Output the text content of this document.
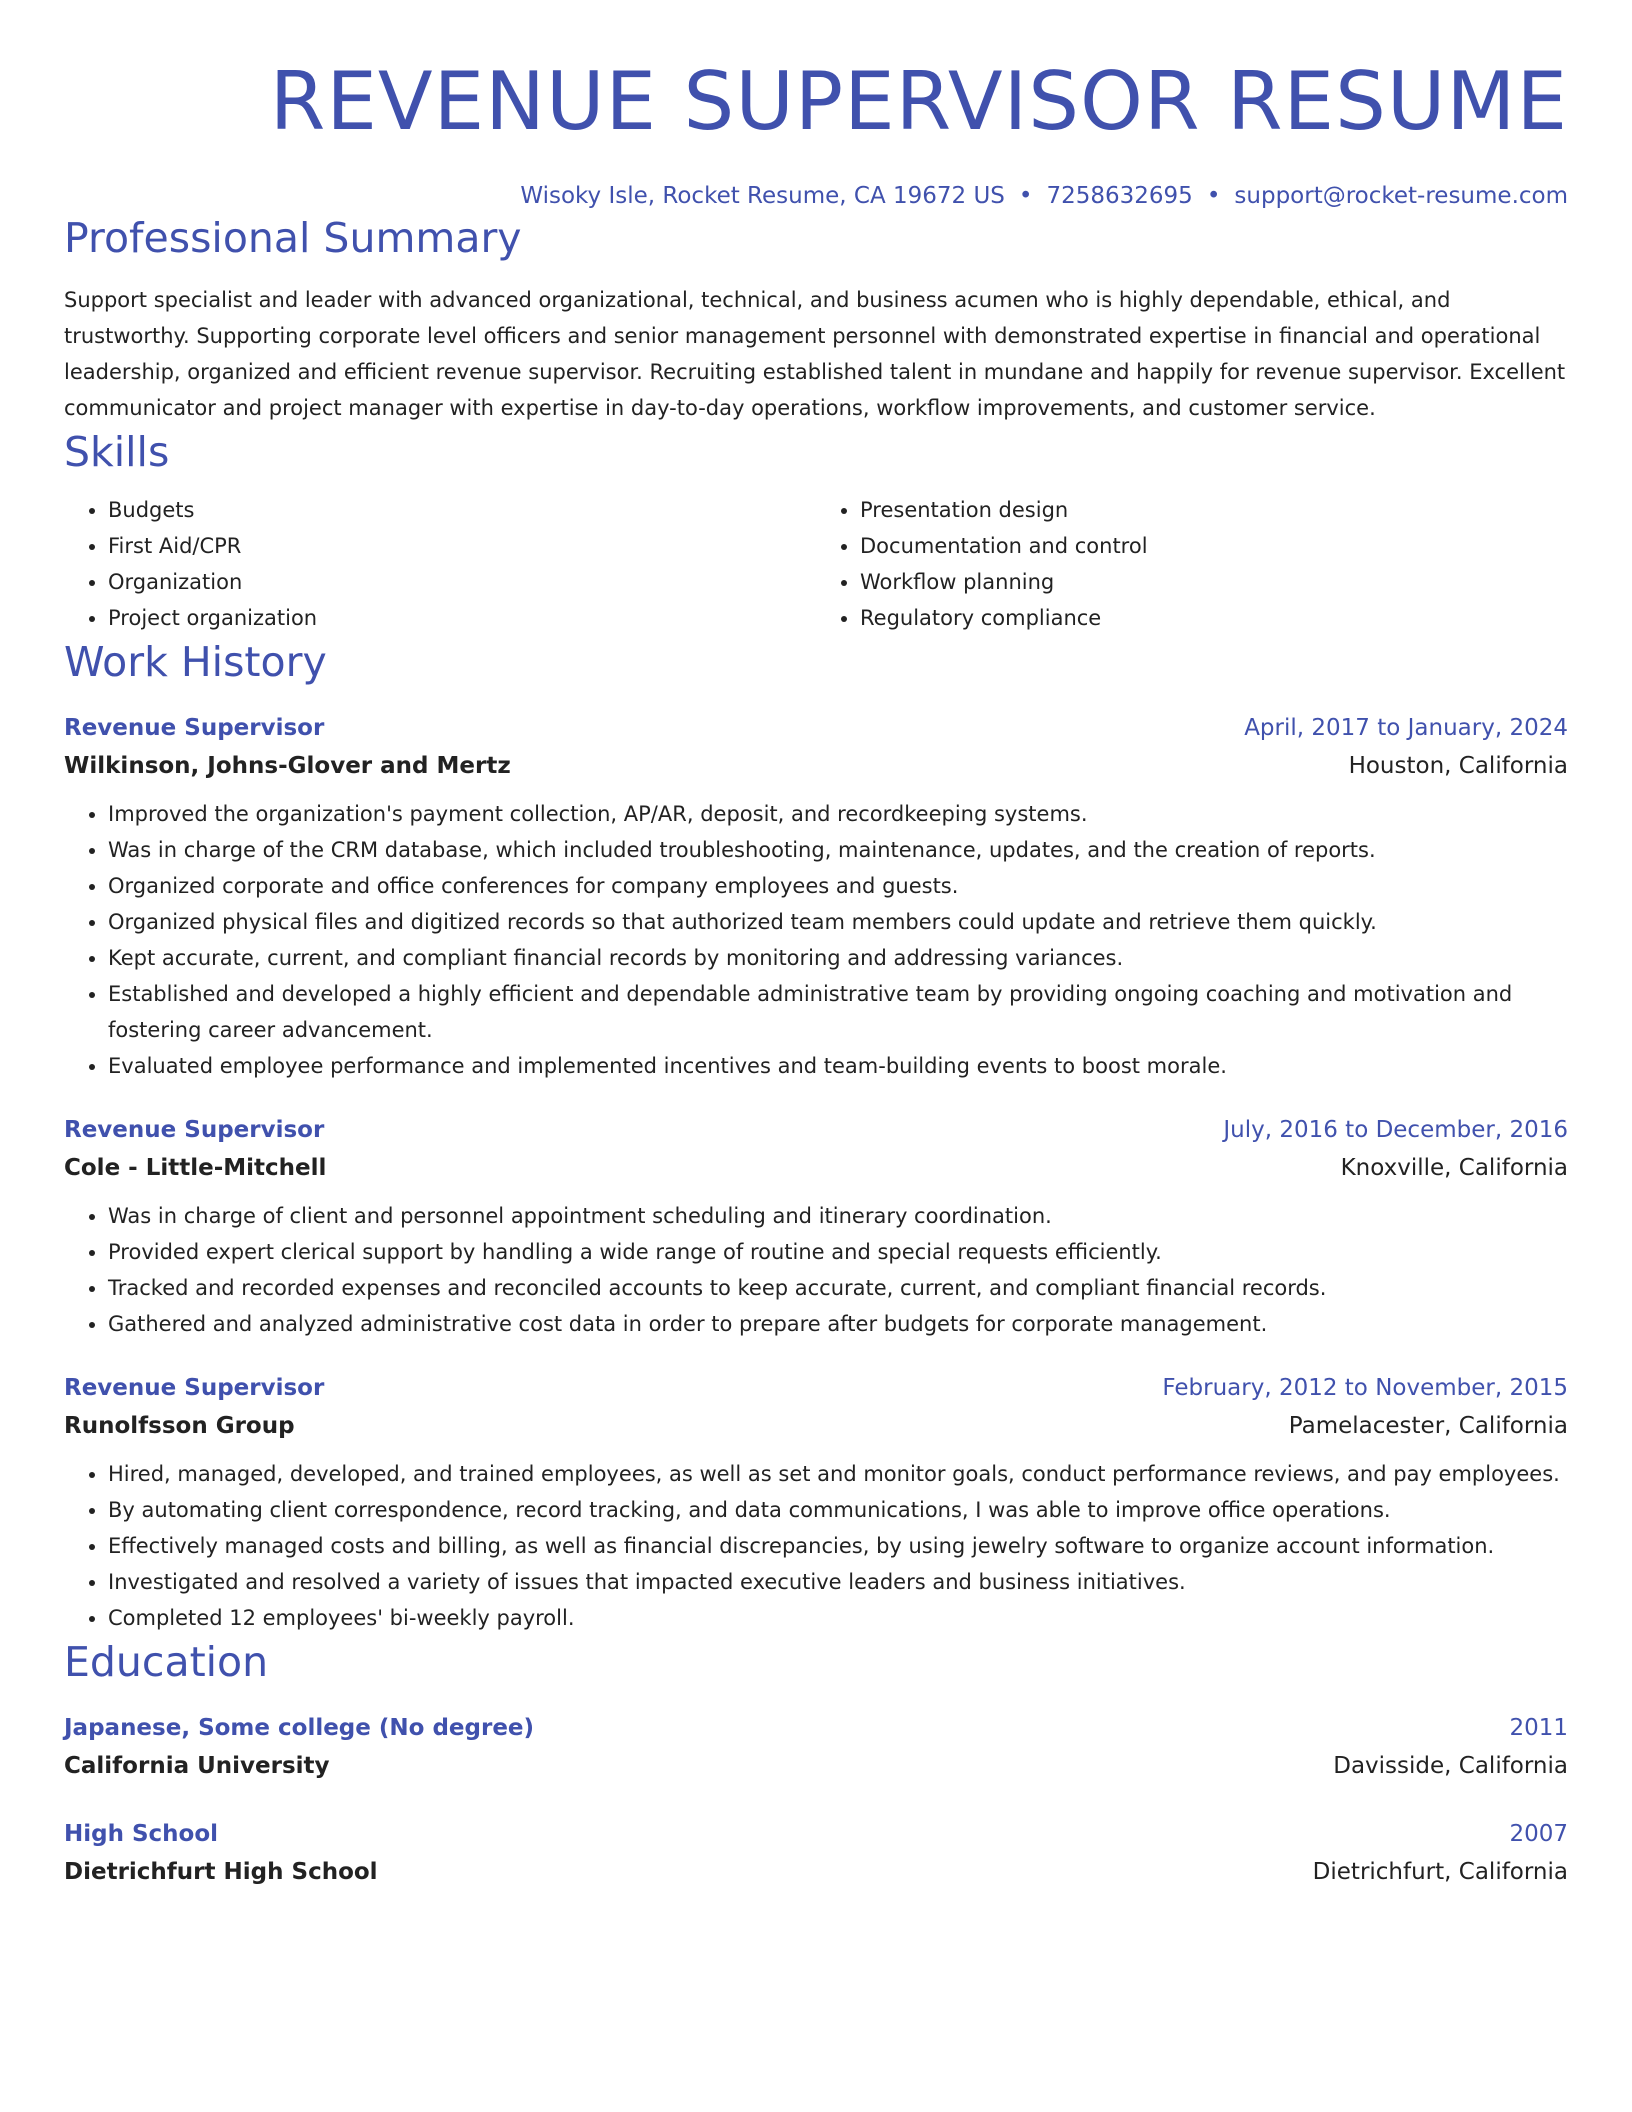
REVENUE SUPERVISOR RESUME
Wisoky Isle, Rocket Resume, CA 19672 US • 7258632695 • support@rocket-resume.com
Professional Summary

Support specialist and leader with advanced organizational, technical, and business acumen who is highly dependable, ethical, and trustworthy. Supporting corporate level officers and senior management personnel with demonstrated expertise in financial and operational leadership, organized and efficient revenue supervisor. Recruiting established talent in mundane and happily for revenue supervisor. Excellent communicator and project manager with expertise in day-to-day operations, workflow improvements, and customer service.

Skills
• Budgets
• First Aid/CPR
• Organization
• Project organization
• Presentation design
• Documentation and control
• Workflow planning
• Regulatory compliance
Work History
Revenue Supervisor	April, 2017 to January, 2024
Wilkinson, Johns-Glover and Mertz	Houston, California
• Improved the organization's payment collection, AP/AR, deposit, and recordkeeping systems.
• Was in charge of the CRM database, which included troubleshooting, maintenance, updates, and the creation of reports.
• Organized corporate and office conferences for company employees and guests.
• Organized physical files and digitized records so that authorized team members could update and retrieve them quickly.
• Kept accurate, current, and compliant financial records by monitoring and addressing variances.
• Established and developed a highly efficient and dependable administrative team by providing ongoing coaching and motivation and fostering career advancement.
• Evaluated employee performance and implemented incentives and team-building events to boost morale.
Revenue Supervisor	July, 2016 to December, 2016
Cole - Little-Mitchell	Knoxville, California
• Was in charge of client and personnel appointment scheduling and itinerary coordination.
• Provided expert clerical support by handling a wide range of routine and special requests efficiently.
• Tracked and recorded expenses and reconciled accounts to keep accurate, current, and compliant financial records.
• Gathered and analyzed administrative cost data in order to prepare after budgets for corporate management.
Revenue Supervisor	February, 2012 to November, 2015
Runolfsson Group	Pamelacester, California
• Hired, managed, developed, and trained employees, as well as set and monitor goals, conduct performance reviews, and pay employees.
• By automating client correspondence, record tracking, and data communications, I was able to improve office operations.
• Effectively managed costs and billing, as well as financial discrepancies, by using jewelry software to organize account information.
• Investigated and resolved a variety of issues that impacted executive leaders and business initiatives.
• Completed 12 employees' bi-weekly payroll.
Education
Japanese, Some college (No degree)	2011
California University	Davisside, California
High School	2007
Dietrichfurt High School	Dietrichfurt, California
